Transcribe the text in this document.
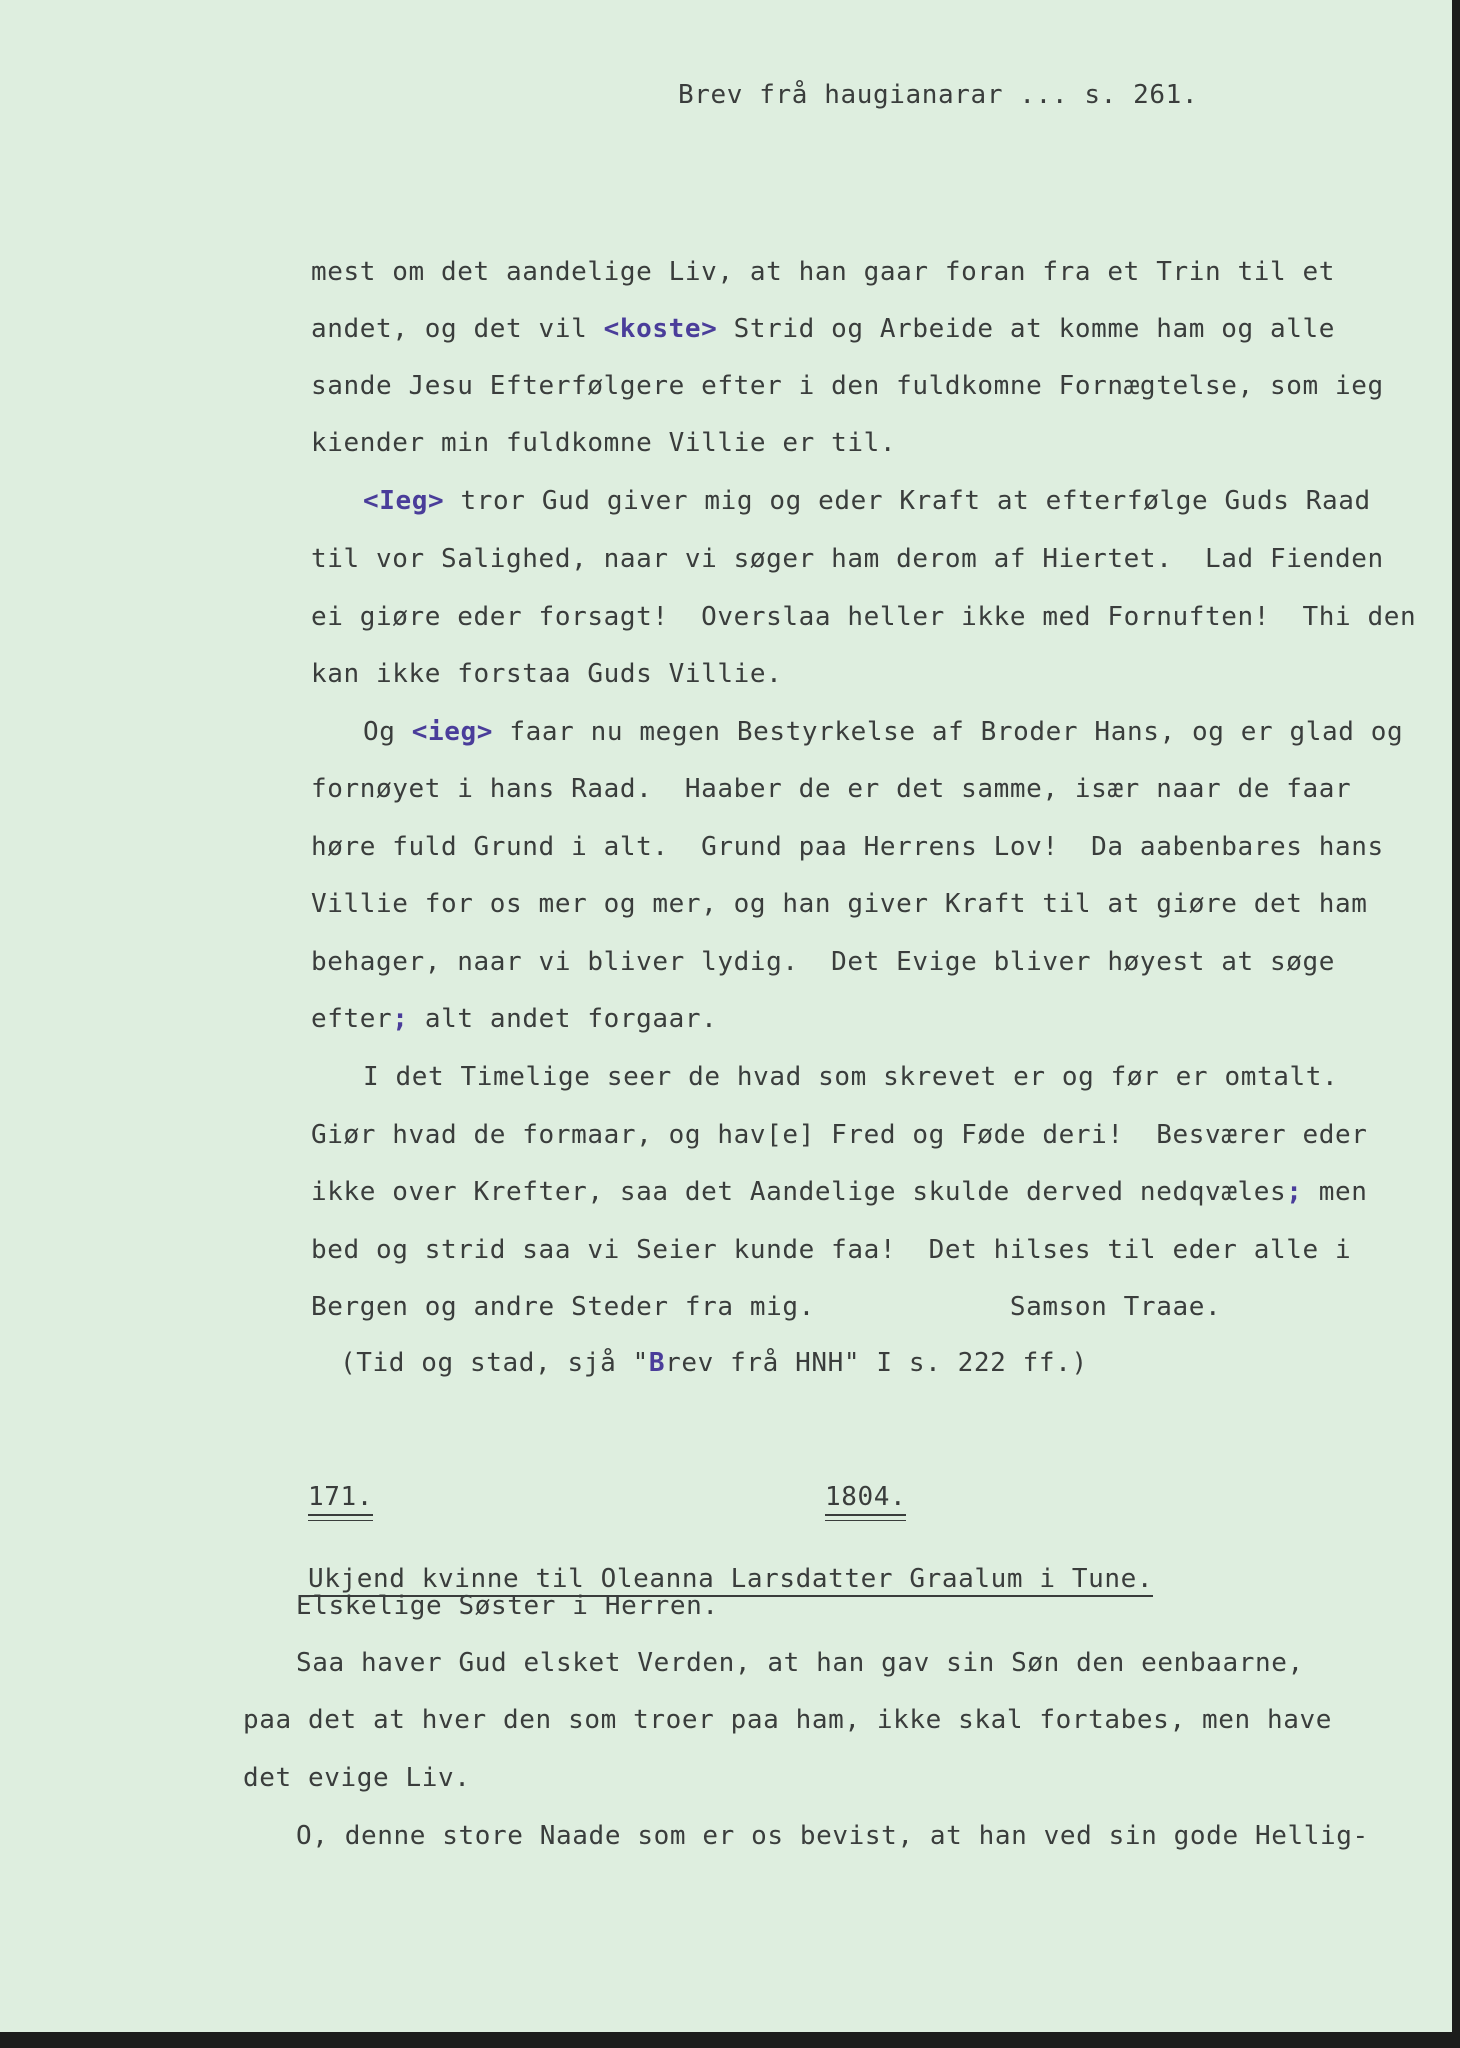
Brev frå haugianarar ... s. 261.

mest om det aandelige Liv, at han gaar foran fra et Trin til et

andet, og det vil <koste> Strid og Arbeide at komme ham og alle

sande Jesu Efterfølgere efter i den fuldkomne Fornægtelse, som ieg

kiender min fuldkomne Villie er til.

<Ieg> tror Gud giver mig og eder Kraft at efterfølge Guds Raad

til vor Salighed, naar vi søger ham derom af Hiertet.  Lad Fienden

ei giøre eder forsagt!  Overslaa heller ikke med Fornuften!  Thi den

kan ikke forstaa Guds Villie.

Og <ieg> faar nu megen Bestyrkelse af Broder Hans, og er glad og

fornøyet i hans Raad.  Haaber de er det samme, især naar de faar

høre fuld Grund i alt.  Grund paa Herrens Lov!  Da aabenbares hans

Villie for os mer og mer, og han giver Kraft til at giøre det ham

behager, naar vi bliver lydig.  Det Evige bliver høyest at søge

efter; alt andet forgaar.

I det Timelige seer de hvad som skrevet er og før er omtalt.

Giør hvad de formaar, og hav[e] Fred og Føde deri!  Besværer eder

ikke over Krefter, saa det Aandelige skulde derved nedqvæles; men

bed og strid saa vi Seier kunde faa!  Det hilses til eder alle i

Bergen og andre Steder fra mig.            Samson Traae.

(Tid og stad, sjå "Brev frå HNH" I s. 222 ff.)

171.
	1804.

Ukjend kvinne til Oleanna Larsdatter Graalum i Tune.

Elskelige Søster i Herren.
Saa haver Gud elsket Verden, at han gav sin Søn den eenbaarne,
paa det at hver den som troer paa ham, ikke skal fortabes, men have
det evige Liv.
O, denne store Naade som er os bevist, at han ved sin gode Hellig-
